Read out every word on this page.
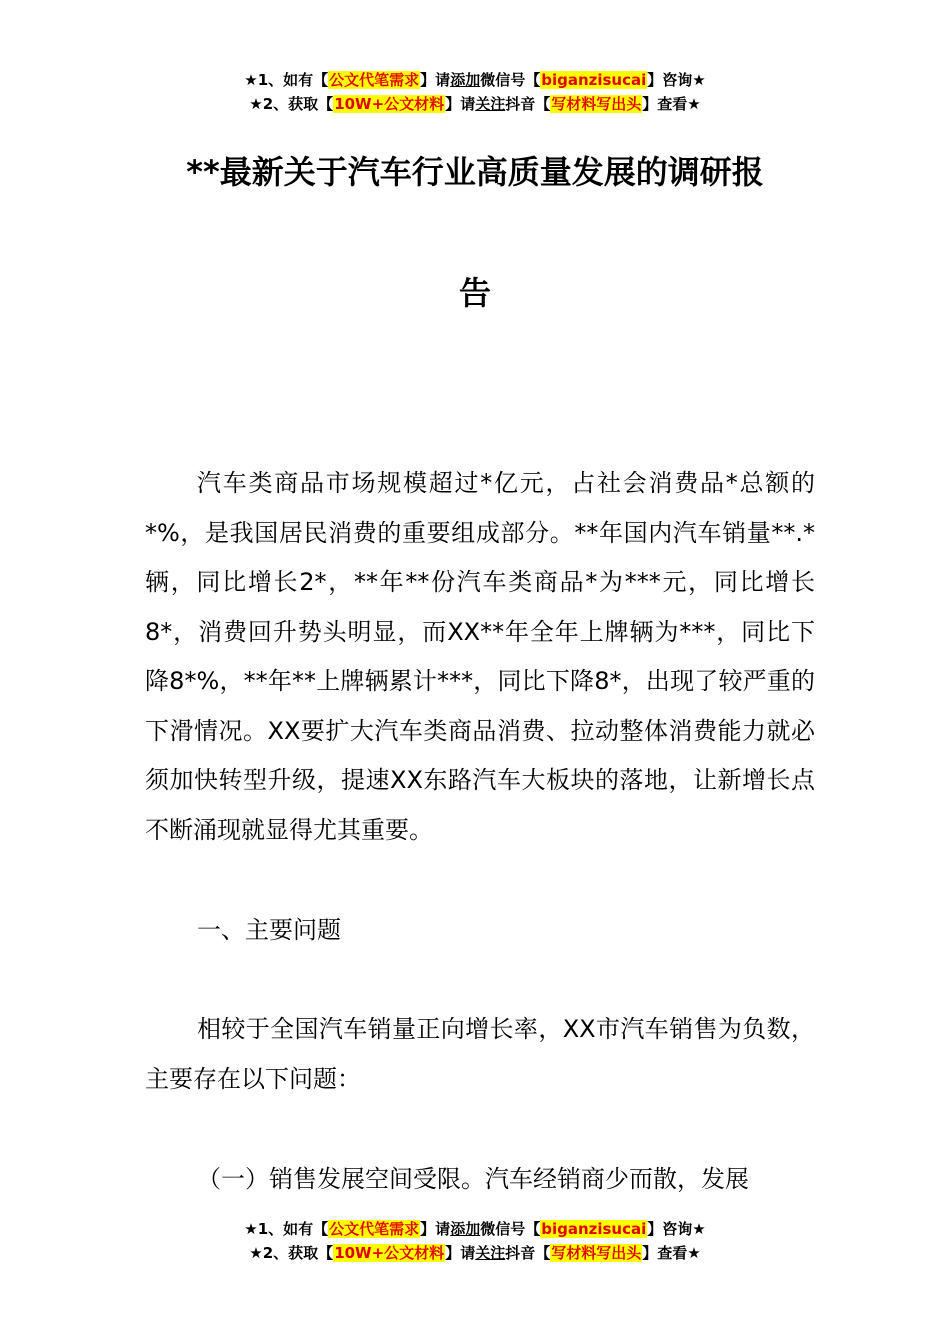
★1、如有【公文代笔需求】请添加微信号【biganzisucai】咨询★
★2、获取【10W+公文材料】请关注抖音【写材料写出头】查看★
**最新关于汽车行业高质量发展的调研报
告
汽车类商品市场规模超过*亿元，占社会消费品*总额的*%，是我国居民消费的重要组成部分。**年国内汽车销量**.*辆，同比增长2*，**年**份汽车类商品*为***元，同比增长8*，消费回升势头明显，而XX**年全年上牌辆为***，同比下降8*%，**年**上牌辆累计***，同比下降8*，出现了较严重的下滑情况。XX要扩大汽车类商品消费、拉动整体消费能力就必须加快转型升级，提速XX东路汽车大板块的落地，让新增长点不断涌现就显得尤其重要。
一、主要问题
相较于全国汽车销量正向增长率，XX市汽车销售为负数，主要存在以下问题：
（一）销售发展空间受限。汽车经销商少而散，发展
★1、如有【公文代笔需求】请添加微信号【biganzisucai】咨询★
★2、获取【10W+公文材料】请关注抖音【写材料写出头】查看★
